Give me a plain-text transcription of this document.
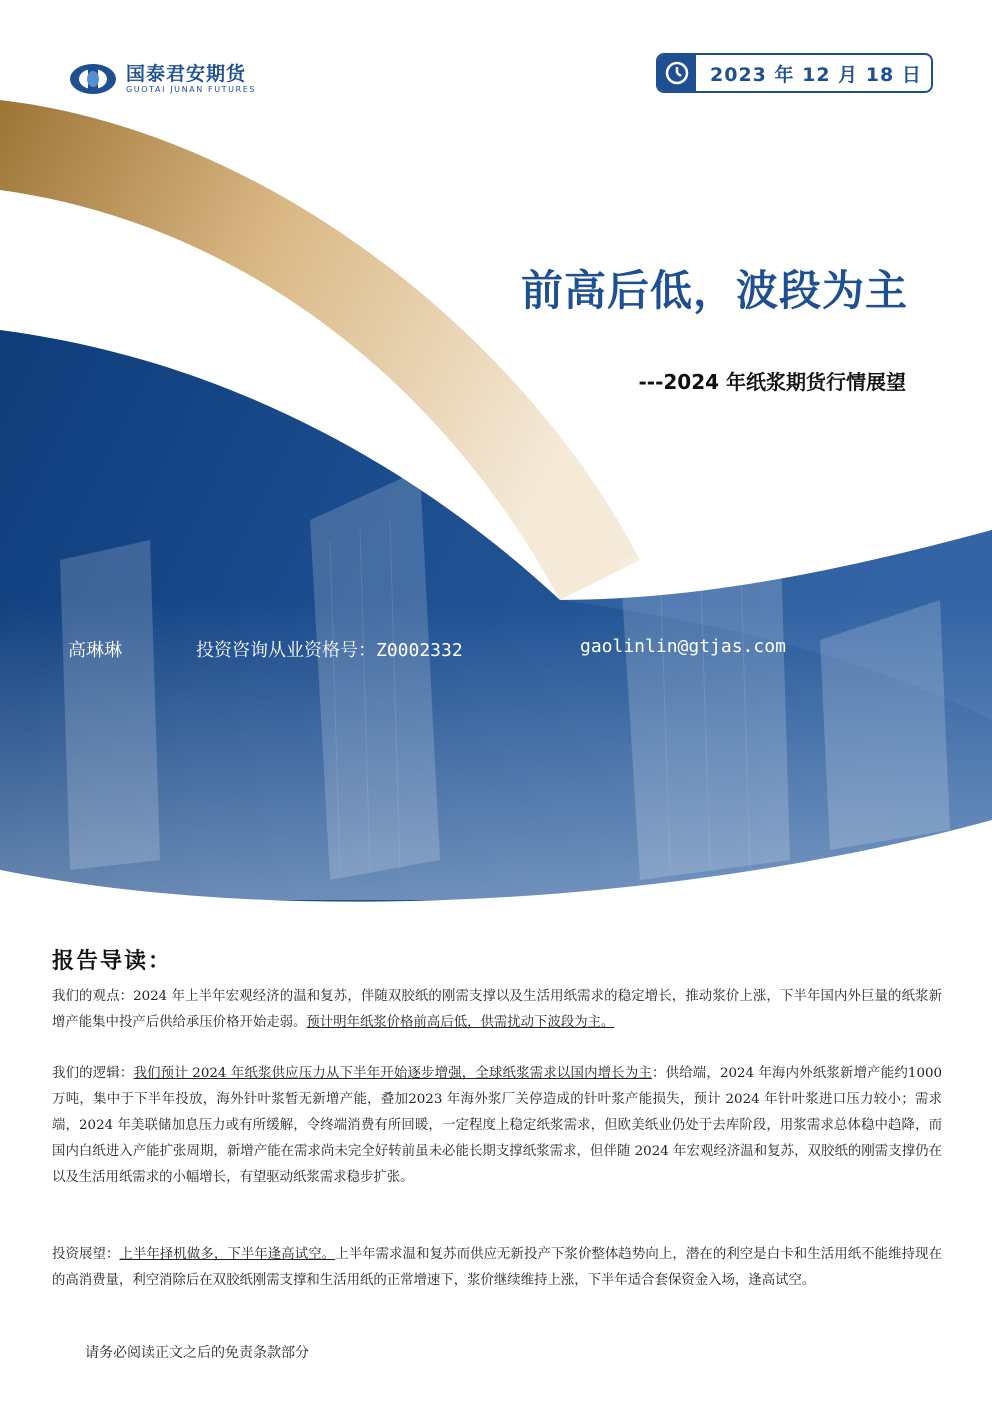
国泰君安期货
GUOTAI JUNAN FUTURES
2023 年 12 月 18 日
前高后低，波段为主
---2024 年纸浆期货行情展望
高琳琳	投资咨询从业资格号：Z0002332	gaolinlin@gtjas.com
报告导读：
我们的观点：2024 年上半年宏观经济的温和复苏，伴随双胶纸的刚需支撑以及生活用纸需求的稳定增长，推动浆价上涨，下半年国内外巨量的纸浆新增产能集中投产后供给承压价格开始走弱。预计明年纸浆价格前高后低，供需扰动下波段为主。
我们的逻辑：我们预计 2024 年纸浆供应压力从下半年开始逐步增强，全球纸浆需求以国内增长为主：供给端，2024 年海内外纸浆新增产能约1000 万吨，集中于下半年投放，海外针叶浆暂无新增产能，叠加2023 年海外浆厂关停造成的针叶浆产能损失，预计 2024 年针叶浆进口压力较小；需求端，2024 年美联储加息压力或有所缓解，令终端消费有所回暖，一定程度上稳定纸浆需求，但欧美纸业仍处于去库阶段，用浆需求总体稳中趋降，而国内白纸进入产能扩张周期，新增产能在需求尚未完全好转前虽未必能长期支撑纸浆需求，但伴随 2024 年宏观经济温和复苏，双胶纸的刚需支撑仍在以及生活用纸需求的小幅增长，有望驱动纸浆需求稳步扩张。
投资展望：上半年择机做多，下半年逢高试空。上半年需求温和复苏而供应无新投产下浆价整体趋势向上，潜在的利空是白卡和生活用纸不能维持现在的高消费量，利空消除后在双胶纸刚需支撑和生活用纸的正常增速下，浆价继续维持上涨，下半年适合套保资金入场，逢高试空。
请务必阅读正文之后的免责条款部分
